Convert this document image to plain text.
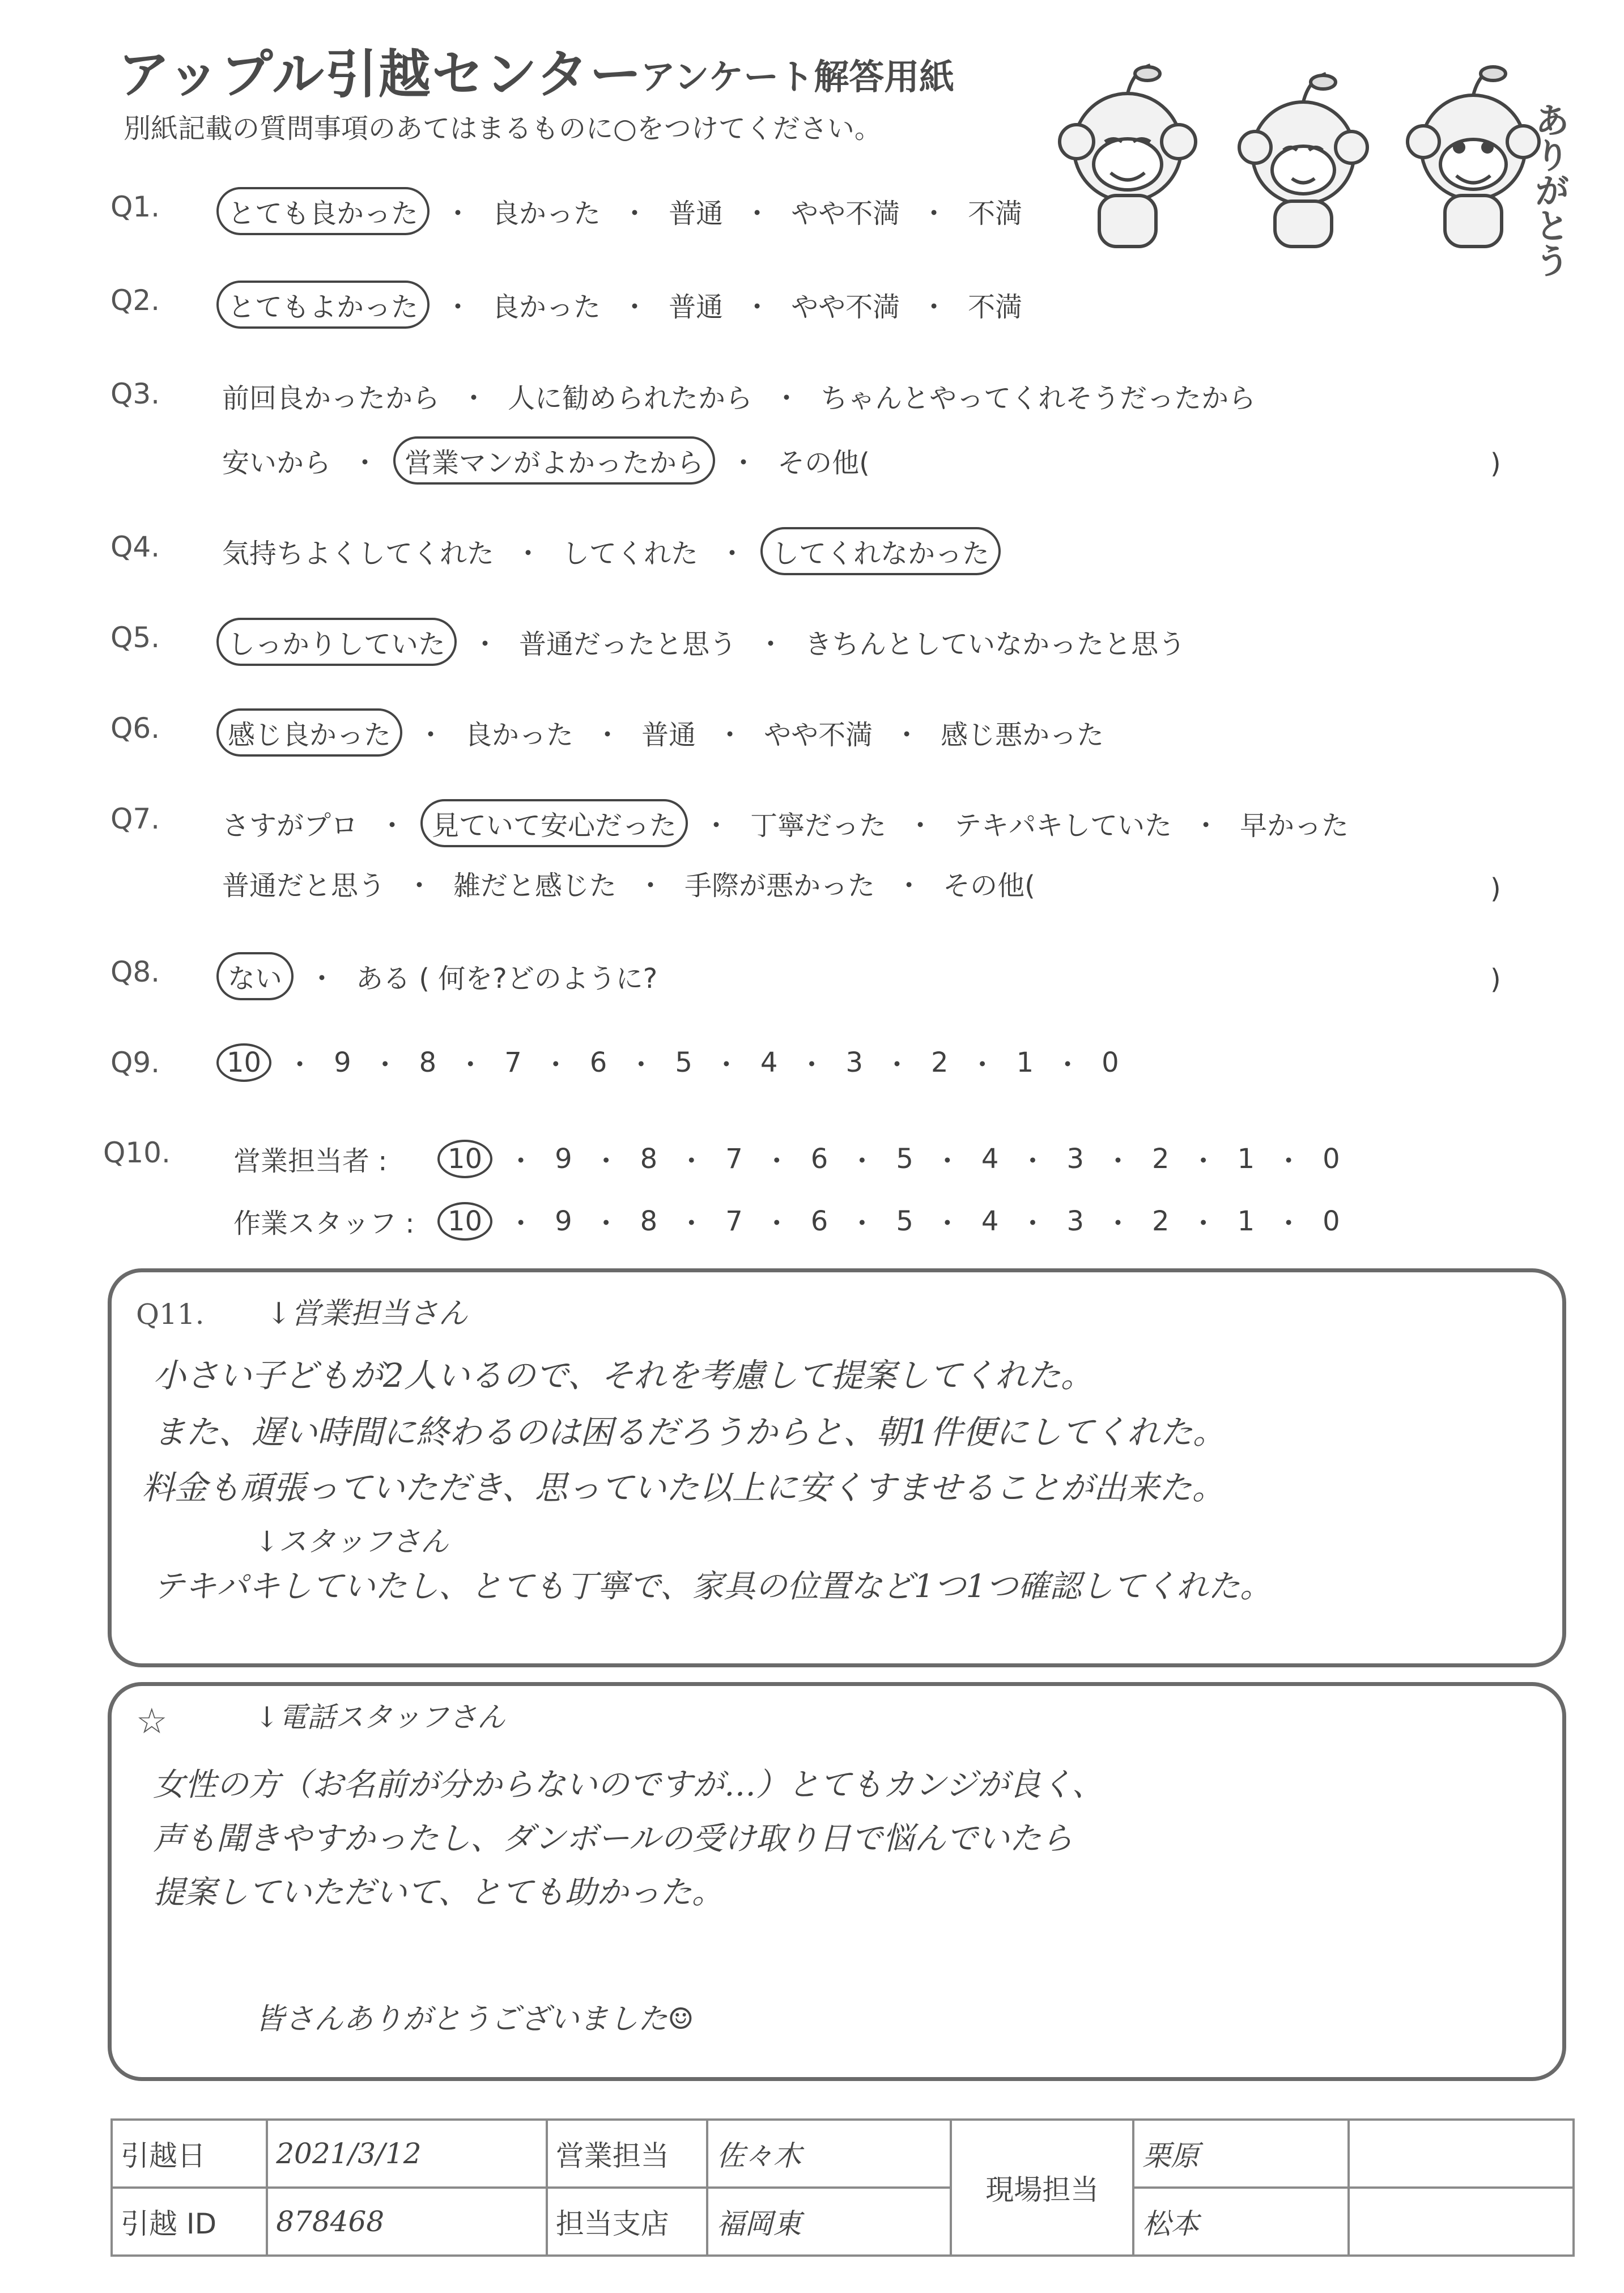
アップル引越センター
アンケート解答用紙
別紙記載の質問事項のあてはまるものに○をつけてください。	ありがとう
Q1.	とても良かった ・ 良かった ・ 普通 ・ やや不満 ・ 不満
Q2.	とてもよかった ・ 良かった ・ 普通 ・ やや不満 ・ 不満
Q3. 前回良かったから ・ 人に勧められたから ・ ちゃんとやってくれそうだったから
安いから ・ 営業マンがよかったから ・ その他(	)
Q4. 気持ちよくしてくれた ・ してくれた ・ してくれなかった
Q5.	しっかりしていた ・ 普通だったと思う ・ きちんとしていなかったと思う
Q6.	感じ良かった ・ 良かった ・ 普通 ・ やや不満 ・ 感じ悪かった
Q7. さすがプロ ・ 見ていて安心だった ・ 丁寧だった ・ テキパキしていた ・ 早かった
普通だと思う ・ 雑だと感じた ・ 手際が悪かった ・ その他(	)
Q8.	ない ・ ある ( 何を?どのように?	)
Q9.	10 ・ 9 ・ 8 ・ 7 ・ 6 ・ 5 ・ 4 ・ 3 ・ 2 ・ 1 ・ 0
Q10. 営業担当者 :	10 ・ 9 ・ 8 ・ 7 ・ 6 ・ 5 ・ 4 ・ 3 ・ 2 ・ 1 ・ 0
作業スタッフ :	10 ・ 9 ・ 8 ・ 7 ・ 6 ・ 5 ・ 4 ・ 3 ・ 2 ・ 1 ・ 0
Q11. ↓営業担当さん
小さい子どもが2人いるので、それを考慮して提案してくれた。
また、遅い時間に終わるのは困るだろうからと、朝1件便にしてくれた。
料金も頑張っていただき、思っていた以上に安くすませることが出来た。
↓スタッフさん
テキパキしていたし、とても丁寧で、家具の位置など1つ1つ確認してくれた。
☆	↓電話スタッフさん
女性の方（お名前が分からないのですが…）とてもカンジが良く、
声も聞きやすかったし、ダンボールの受け取り日で悩んでいたら
提案していただいて、とても助かった。
皆さんありがとうございました☺
引越日	2021/3/12	営業担当	佐々木	現場担当	栗原	
引越 ID	878468	担当支店	福岡東		松本	
